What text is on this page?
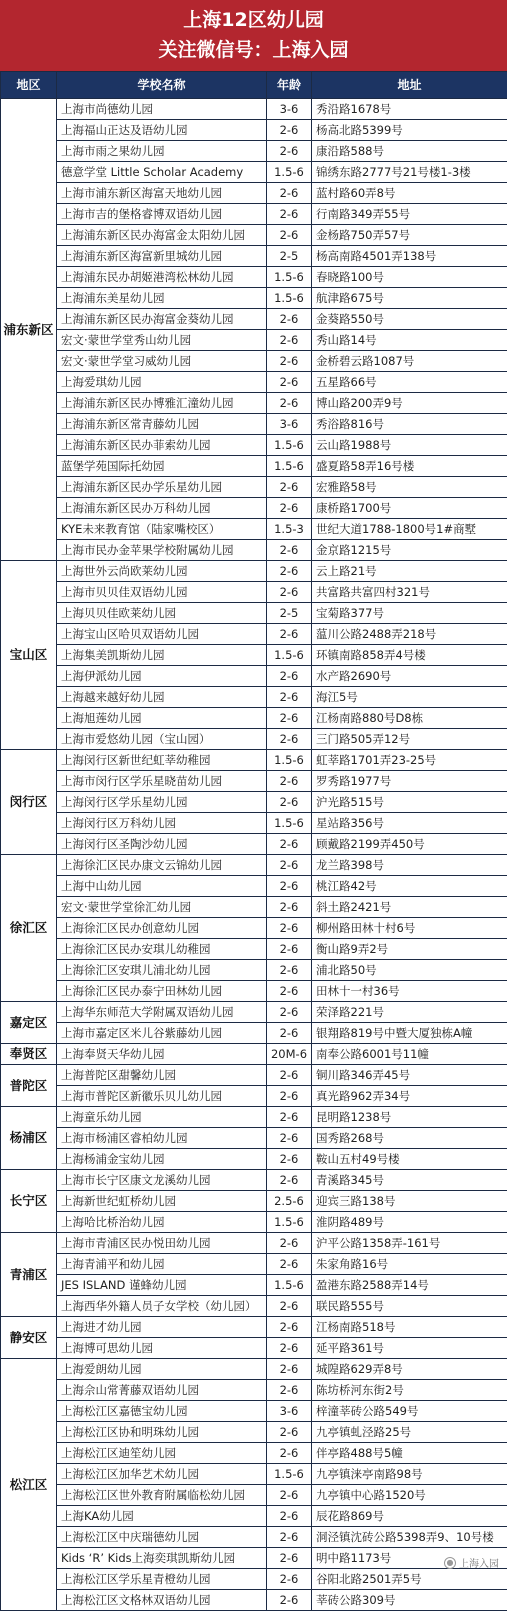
上海12区幼儿园
关注微信号：上海入园
地区	学校名称	年龄	地址
浦东新区	上海市尚德幼儿园	3-6	秀沿路1678号
	上海福山正达及语幼儿园	2-6	杨高北路5399号
	上海市雨之果幼儿园	2-6	康沿路588号
	德意学堂 Little Scholar Academy	1.5-6	锦绣东路2777号21号楼1-3楼
	上海市浦东新区海富天地幼儿园	2-6	蓝村路60弄8号
	上海市吉的堡格睿博双语幼儿园	2-6	行南路349弄55号
	上海浦东新区民办海富金太阳幼儿园	2-6	金杨路750弄57号
	上海浦东新区海富新里城幼儿园	2-5	杨高南路4501弄138号
	上海浦东民办胡姬港湾松林幼儿园	1.5-6	春晓路100号
	上海浦东美星幼儿园	1.5-6	航津路675号
	上海浦东新区民办海富金葵幼儿园	2-6	金葵路550号
	宏文·蒙世学堂秀山幼儿园	2-6	秀山路14号
	宏文·蒙世学堂习威幼儿园	2-6	金桥碧云路1087号
	上海爱琪幼儿园	2-6	五星路66号
	上海浦东新区民办博雅汇潼幼儿园	2-6	博山路200弄9号
	上海浦东新区常青藤幼儿园	3-6	秀浴路816号
	上海浦东新区民办菲索幼儿园	1.5-6	云山路1988号
	蓝堡学苑国际托幼园	1.5-6	盛夏路58弄16号楼
	上海浦东新区民办学乐星幼儿园	2-6	宏雅路58号
	上海浦东新区民办万科幼儿园	2-6	康桥路1700号
	KYE未来教育馆（陆家嘴校区）	1.5-3	世纪大道1788-1800号1#商墅
	上海市民办金苹果学校附属幼儿园	2-6	金京路1215号
宝山区	上海世外云尚欧莱幼儿园	2-6	云上路21号
	上海市贝贝佳双语幼儿园	2-6	共富路共富四村321号
	上海贝贝佳欧莱幼儿园	2-5	宝菊路377号
	上海宝山区哈贝双语幼儿园	2-6	蕰川公路2488弄218号
	上海集美凯斯幼儿园	1.5-6	环镇南路858弄4号楼
	上海伊派幼儿园	2-6	水产路2690号
	上海越来越好幼儿园	2-6	海江5号
	上海旭莲幼儿园	2-6	江杨南路880号D8栋
	上海市爱悠幼儿园（宝山园）	2-6	三门路505弄12号
闵行区	上海闵行区新世纪虹莘幼稚园	1.5-6	虹莘路1701弄23-25号
	上海市闵行区学乐星晓苗幼儿园	2-6	罗秀路1977号
	上海闵行区学乐星幼儿园	2-6	沪光路515号
	上海闵行区万科幼儿园	1.5-6	星站路356号
	上海闵行区圣陶沙幼儿园	2-6	顾戴路2199弄450号
徐汇区	上海徐汇区民办康文云锦幼儿园	2-6	龙兰路398号
	上海中山幼儿园	2-6	桃江路42号
	宏文·蒙世学堂徐汇幼儿园	2-6	斜土路2421号
	上海徐汇区民办创意幼儿园	2-6	柳州路田林十村6号
	上海徐汇区民办安琪儿幼稚园	2-6	衡山路9弄2号
	上海徐汇区安琪儿浦北幼儿园	2-6	浦北路50号
	上海徐汇区民办泰宁田林幼儿园	2-6	田林十一村36号
嘉定区	上海华东师范大学附属双语幼儿园	2-6	荣泽路221号
	上海市嘉定区米儿谷紫藤幼儿园	2-6	银翔路819号中暨大厦独栋A幢
奉贤区	上海奉贤天华幼儿园	20M-6	南奉公路6001号11幢
普陀区	上海普陀区甜馨幼儿园	2-6	铜川路346弄45号
	上海市普陀区新徽乐贝儿幼儿园	2-6	真光路962弄34号
杨浦区	上海童乐幼儿园	2-6	昆明路1238号
	上海市杨浦区睿柏幼儿园	2-6	国秀路268号
	上海杨浦金宝幼儿园	2-6	鞍山五村49号楼
长宁区	上海市长宁区康文龙溪幼儿园	2-6	青溪路345号
	上海新世纪虹桥幼儿园	2.5-6	迎宾三路138号
	上海哈比桥治幼儿园	1.5-6	淮阴路489号
青浦区	上海市青浦区民办悦田幼儿园	2-6	沪平公路1358弄-161号
	上海青浦平和幼儿园	2-6	朱家角路16号
	JES ISLAND 谨蜂幼儿园	1.5-6	盈港东路2588弄14号
	上海西华外籍人员子女学校（幼儿园）	2-6	联民路555号
静安区	上海进才幼儿园	2-6	江杨南路518号
	上海博可思幼儿园	2-6	延平路361号
松江区	上海爱朗幼儿园	2-6	城隍路629弄8号
	上海佘山常菁藤双语幼儿园	2-6	陈坊桥河东街2号
	上海松江区嘉德宝幼儿园	3-6	梓潼莘砖公路549号
	上海松江区协和明珠幼儿园	2-6	九亭镇虬泾路25号
	上海松江区迪笙幼儿园	2-6	伴亭路488号5幢
	上海松江区加华艺术幼儿园	1.5-6	九亭镇涞亭南路98号
	上海松江区世外教育附属临松幼儿园	2-6	九亭镇中心路1520号
	上海KA幼儿园	2-6	辰花路869号
	上海松江区中庆瑞德幼儿园	2-6	洞泾镇沈砖公路5398弄9、10号楼
	Kids ‘R’ Kids上海奕琪凯斯幼儿园	2-6	明中路1173号
	上海松江区学乐星青橙幼儿园	2-6	谷阳北路2501弄5号
	上海松江区文格林双语幼儿园	2-6	莘砖公路309号	● 上海入园
